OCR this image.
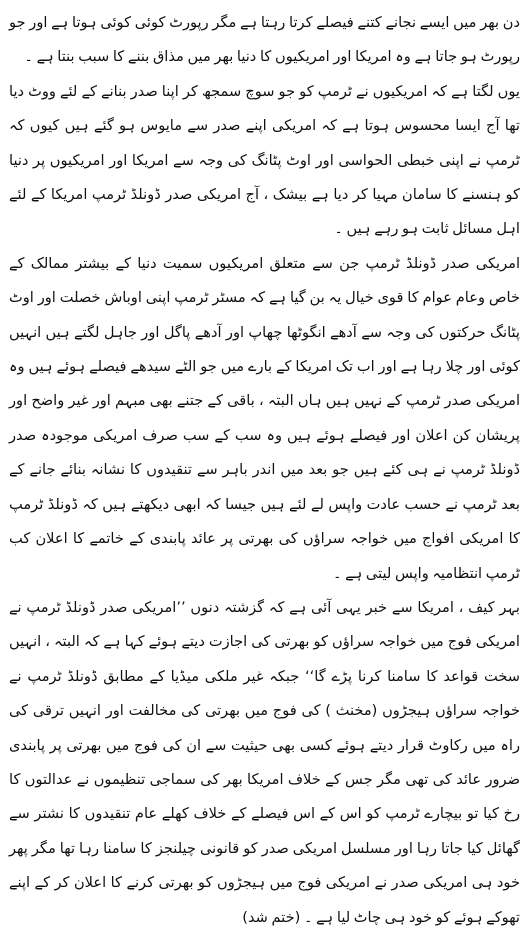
دن بھر میں ایسے نجانے کتنے فیصلے کرتا رہتا ہے مگر رپورٹ کوئی کوئی ہوتا ہے اور جو رپورٹ ہو جاتا ہے وہ امریکا اور امریکیوں کا دنیا بھر میں مذاق بننے کا سبب بنتا ہے ۔

یوں لگتا ہے کہ امریکیوں نے ٹرمپ کو جو سوچ سمجھ کر اپنا صدر بنانے کے لئے ووٹ دیا تھا آج ایسا محسوس ہوتا ہے کہ امریکی اپنے صدر سے مایوس ہو گئے ہیں کیوں کہ ٹرمپ نے اپنی خبطی الحواسی اور اوٹ پٹانگ کی وجہ سے امریکا اور امریکیوں پر دنیا کو ہنسنے کا سامان مہیا کر دیا ہے بیشک ، آج امریکی صدر ڈونلڈ ٹرمپ امریکا کے لئے اہل مسائل ثابت ہو رہے ہیں ۔

امریکی صدر ڈونلڈ ٹرمپ جن سے متعلق امریکیوں سمیت دنیا کے بیشتر ممالک کے خاص وعام عوام کا قوی خیال یہ بن گیا ہے کہ مسٹر ٹرمپ اپنی اوباش خصلت اور اوٹ پٹانگ حرکتوں کی وجہ سے آدھے انگوٹھا چھاپ اور آدھے پاگل اور جاہل لگتے ہیں انہیں کوئی اور چلا رہا ہے اور اب تک امریکا کے بارے میں جو الٹے سیدھے فیصلے ہوئے ہیں وہ امریکی صدر ٹرمپ کے نہیں ہیں ہاں البتہ ، باقی کے جتنے بھی مبہم اور غیر واضح اور پریشان کن اعلان اور فیصلے ہوئے ہیں وہ سب کے سب صرف امریکی موجودہ صدر ڈونلڈ ٹرمپ نے ہی کئے ہیں جو بعد میں اندر باہر سے تنقیدوں کا نشانہ بنائے جانے کے بعد ٹرمپ نے حسب عادت واپس لے لئے ہیں جیسا کہ ابھی دیکھتے ہیں کہ ڈونلڈ ٹرمپ کا امریکی افواج میں خواجہ سراؤں کی بھرتی پر عائد پابندی کے خاتمے کا اعلان کب ٹرمپ انتظامیہ واپس لیتی ہے ۔

بہر کیف ، امریکا سے خبر یہی آئی ہے کہ گزشتہ دنوں ’’امریکی صدر ڈونلڈ ٹرمپ نے امریکی فوج میں خواجہ سراؤں کو بھرتی کی اجازت دیتے ہوئے کہا ہے کہ البتہ ، انہیں سخت قواعد کا سامنا کرنا پڑے گا‘‘ جبکہ غیر ملکی میڈیا کے مطابق ڈونلڈ ٹرمپ نے خواجہ سراؤں ہیجڑوں (مخنث ) کی فوج میں بھرتی کی مخالفت اور انہیں ترقی کی راہ میں رکاوٹ قرار دیتے ہوئے کسی بھی حیثیت سے ان کی فوج میں بھرتی پر پابندی ضرور عائد کی تھی مگر جس کے خلاف امریکا بھر کی سماجی تنظیموں نے عدالتوں کا رخ کیا تو بیچارے ٹرمپ کو اس کے اس فیصلے کے خلاف کھلے عام تنقیدوں کا نشتر سے گھائل کیا جاتا رہا اور مسلسل امریکی صدر کو قانونی چیلنجز کا سامنا رہا تھا مگر پھر خود ہی امریکی صدر نے امریکی فوج میں ہیجڑوں کو بھرتی کرنے کا اعلان کر کے اپنے تھوکے ہوئے کو خود ہی چاٹ لیا ہے ۔ (ختم شد)
